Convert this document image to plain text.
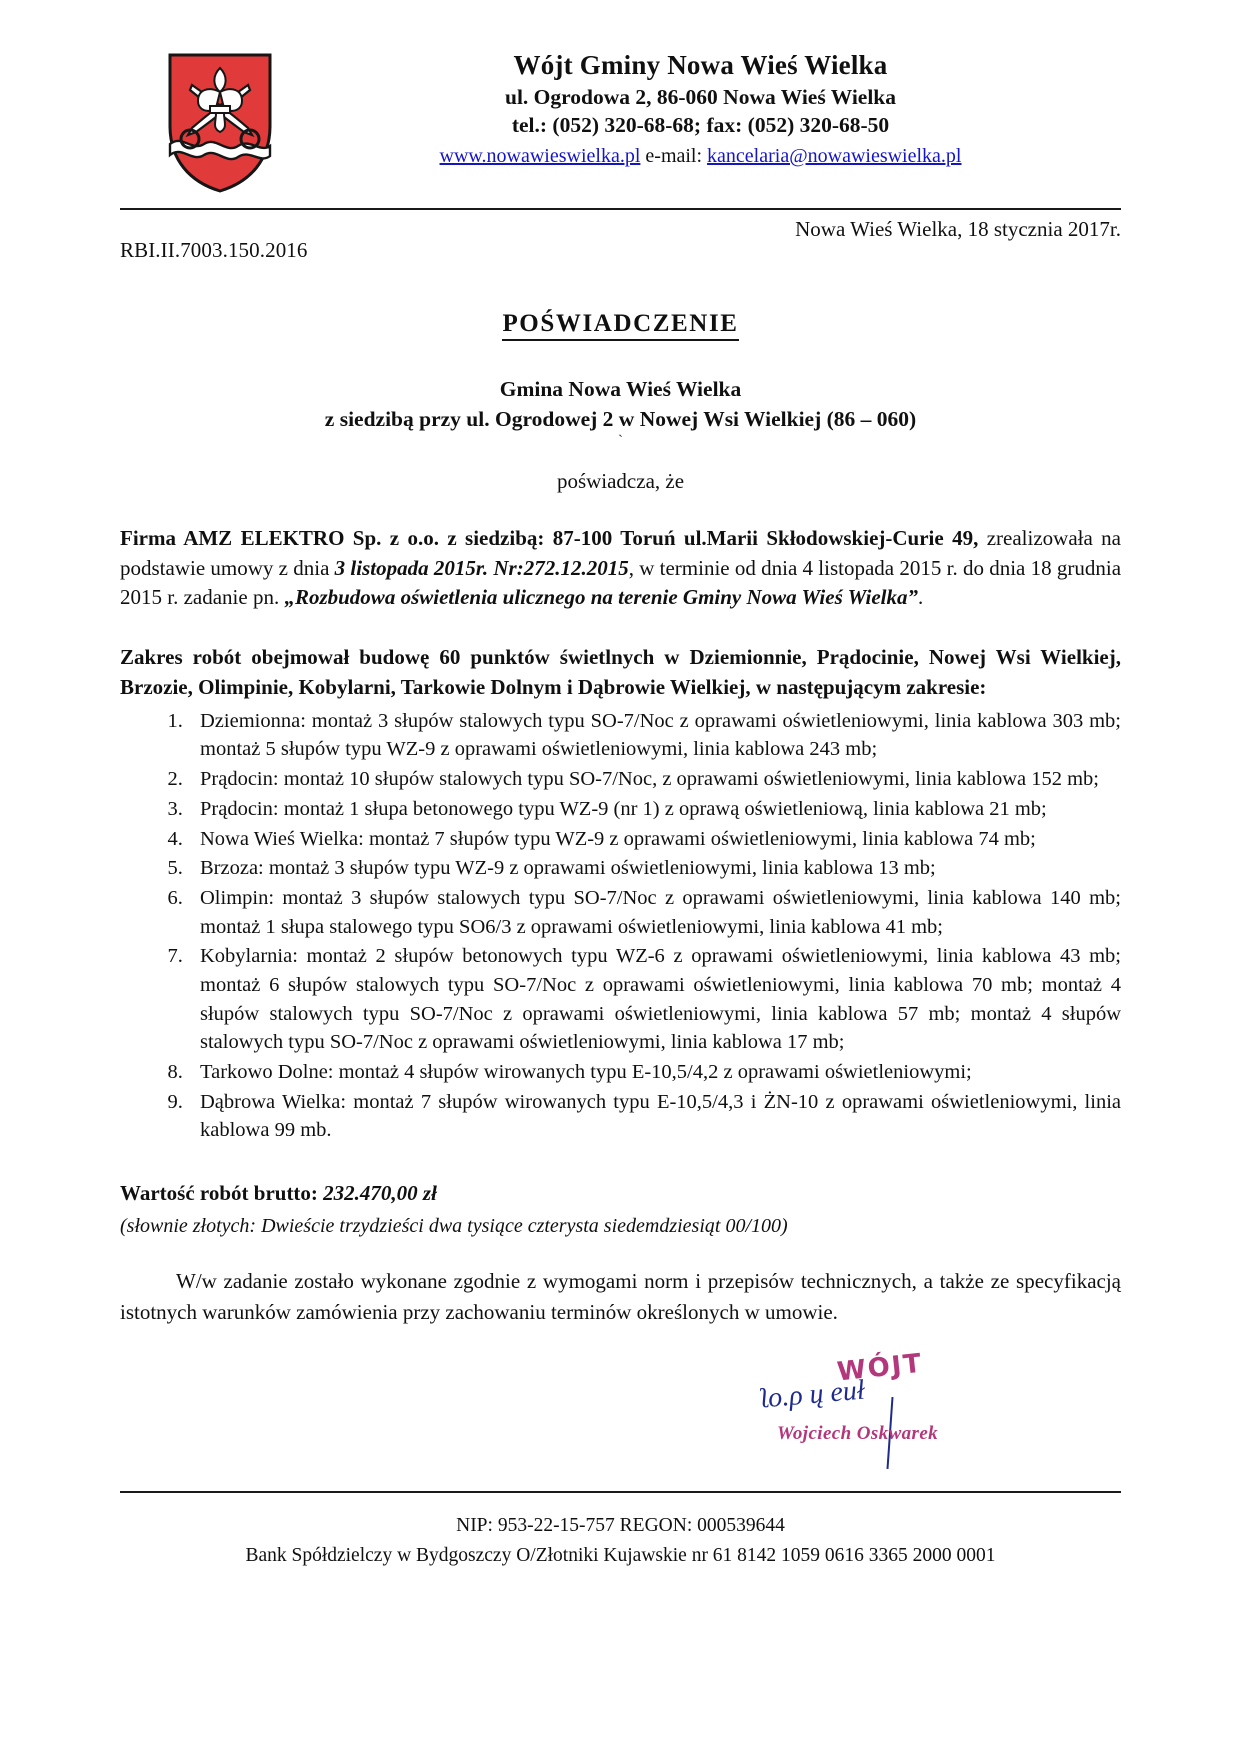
Wójt Gminy Nowa Wieś Wielka
ul. Ogrodowa 2, 86-060 Nowa Wieś Wielka
tel.: (052) 320-68-68; fax: (052) 320-68-50
www.nowawieswielka.pl e-mail: kancelaria@nowawieswielka.pl
Nowa Wieś Wielka, 18 stycznia 2017r.
RBI.II.7003.150.2016
POŚWIADCZENIE
Gmina Nowa Wieś Wielka
z siedzibą przy ul. Ogrodowej 2 w Nowej Wsi Wielkiej (86 – 060)
`
poświadcza, że
Firma AMZ ELEKTRO Sp. z o.o. z siedzibą: 87-100 Toruń ul.Marii Skłodowskiej-Curie 49, zrealizowała na podstawie umowy z dnia 3 listopada 2015r. Nr:272.12.2015, w terminie od dnia 4 listopada 2015 r. do dnia 18 grudnia 2015 r. zadanie pn. „Rozbudowa oświetlenia ulicznego na terenie Gminy Nowa Wieś Wielka”.
Zakres robót obejmował budowę 60 punktów świetlnych w Dziemionnie, Prądocinie, Nowej Wsi Wielkiej, Brzozie, Olimpinie, Kobylarni, Tarkowie Dolnym i Dąbrowie Wielkiej, w następującym zakresie:
1. Dziemionna: montaż 3 słupów stalowych typu SO-7/Noc z oprawami oświetleniowymi, linia kablowa 303 mb; montaż 5 słupów typu WZ-9 z oprawami oświetleniowymi, linia kablowa 243 mb;
2. Prądocin: montaż 10 słupów stalowych typu SO-7/Noc, z oprawami oświetleniowymi, linia kablowa 152 mb;
3. Prądocin: montaż 1 słupa betonowego typu WZ-9 (nr 1) z oprawą oświetleniową, linia kablowa 21 mb;
4. Nowa Wieś Wielka: montaż 7 słupów typu WZ-9 z oprawami oświetleniowymi, linia kablowa 74 mb;
5. Brzoza: montaż 3 słupów typu WZ-9 z oprawami oświetleniowymi, linia kablowa 13 mb;
6. Olimpin: montaż 3 słupów stalowych typu SO-7/Noc z oprawami oświetleniowymi, linia kablowa 140 mb; montaż 1 słupa stalowego typu SO6/3 z oprawami oświetleniowymi, linia kablowa 41 mb;
7. Kobylarnia: montaż 2 słupów betonowych typu WZ-6 z oprawami oświetleniowymi, linia kablowa 43 mb; montaż 6 słupów stalowych typu SO-7/Noc z oprawami oświetleniowymi, linia kablowa 70 mb; montaż 4 słupów stalowych typu SO-7/Noc z oprawami oświetleniowymi, linia kablowa 57 mb; montaż 4 słupów stalowych typu SO-7/Noc z oprawami oświetleniowymi, linia kablowa 17 mb;
8. Tarkowo Dolne: montaż 4 słupów wirowanych typu E-10,5/4,2 z oprawami oświetleniowymi;
9. Dąbrowa Wielka: montaż 7 słupów wirowanych typu E-10,5/4,3 i ŻN-10 z oprawami oświetleniowymi, linia kablowa 99 mb.
Wartość robót brutto: 232.470,00 zł
(słownie złotych: Dwieście trzydzieści dwa tysiące czterysta siedemdziesiąt 00/100)
W/w zadanie zostało wykonane zgodnie z wymogami norm i przepisów technicznych, a także ze specyfikacją istotnych warunków zamówienia przy zachowaniu terminów określonych w umowie.
WÓJT
ʅᴏ.ρ ų euł
Wojciech Oskwarek
NIP: 953-22-15-757 REGON: 000539644
Bank Spółdzielczy w Bydgoszczy O/Złotniki Kujawskie nr 61 8142 1059 0616 3365 2000 0001
